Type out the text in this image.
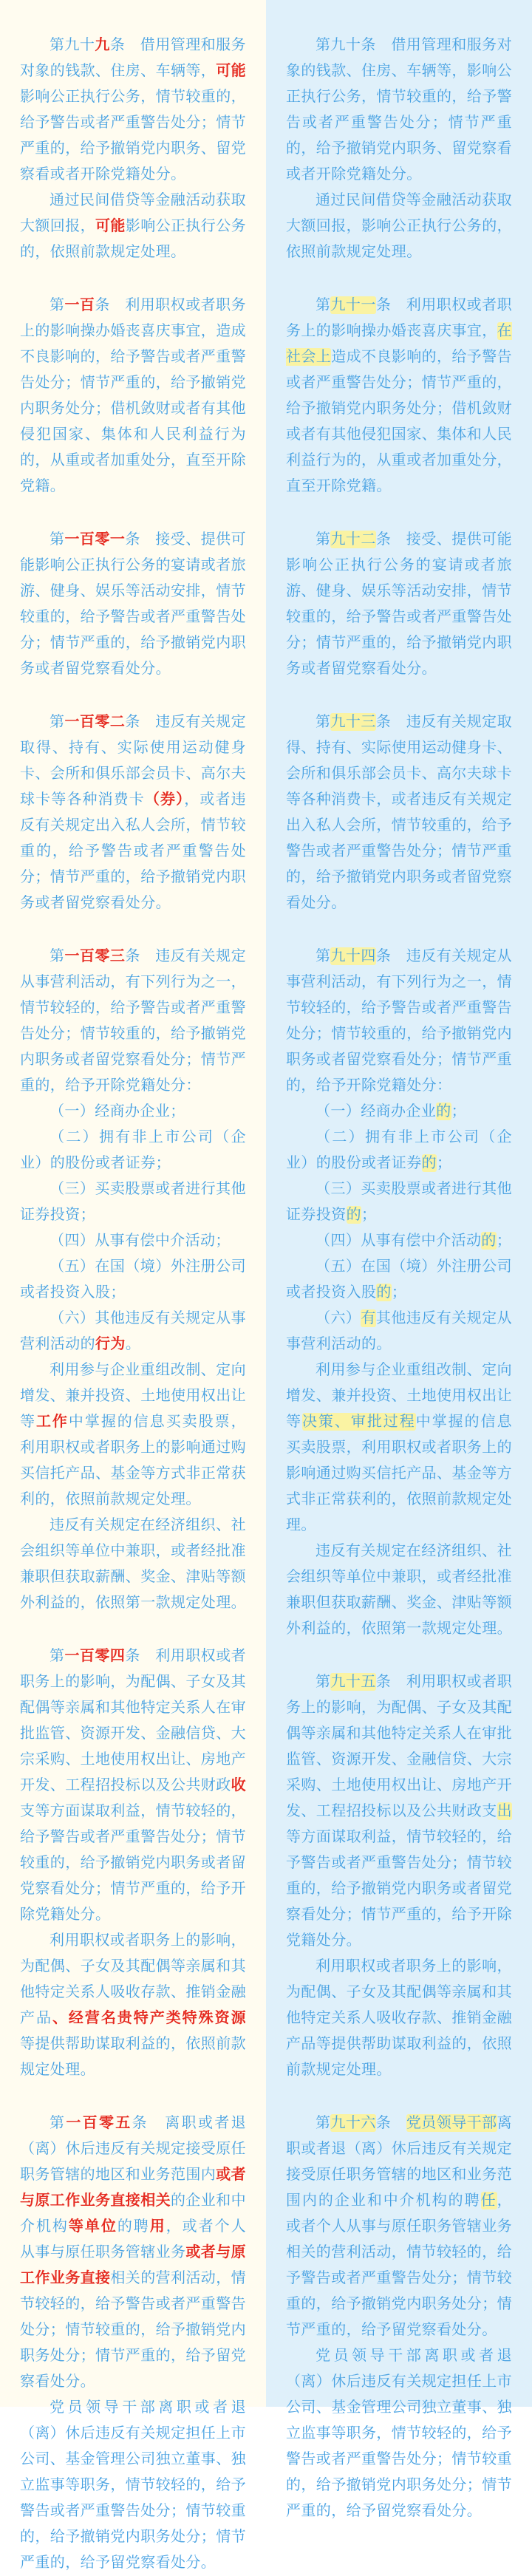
第九十九条　借用管理和服务对象的钱款、住房、车辆等，可能影响公正执行公务，情节较重的，给予警告或者严重警告处分；情节严重的，给予撤销党内职务、留党察看或者开除党籍处分。

通过民间借贷等金融活动获取大额回报，可能影响公正执行公务的，依照前款规定处理。

第一百条　利用职权或者职务上的影响操办婚丧喜庆事宜，造成不良影响的，给予警告或者严重警告处分；情节严重的，给予撤销党内职务处分；借机敛财或者有其他侵犯国家、集体和人民利益行为的，从重或者加重处分，直至开除党籍。

第一百零一条　接受、提供可能影响公正执行公务的宴请或者旅游、健身、娱乐等活动安排，情节较重的，给予警告或者严重警告处分；情节严重的，给予撤销党内职务或者留党察看处分。

第一百零二条　违反有关规定取得、持有、实际使用运动健身卡、会所和俱乐部会员卡、高尔夫球卡等各种消费卡（券），或者违反有关规定出入私人会所，情节较重的，给予警告或者严重警告处分；情节严重的，给予撤销党内职务或者留党察看处分。

第一百零三条　违反有关规定从事营利活动，有下列行为之一，情节较轻的，给予警告或者严重警告处分；情节较重的，给予撤销党内职务或者留党察看处分；情节严重的，给予开除党籍处分：

（一）经商办企业；

（二）拥有非上市公司（企业）的股份或者证券；

（三）买卖股票或者进行其他证券投资；

（四）从事有偿中介活动；

（五）在国（境）外注册公司或者投资入股；

（六）其他违反有关规定从事营利活动的行为。

利用参与企业重组改制、定向增发、兼并投资、土地使用权出让等工作中掌握的信息买卖股票，利用职权或者职务上的影响通过购买信托产品、基金等方式非正常获利的，依照前款规定处理。

违反有关规定在经济组织、社会组织等单位中兼职，或者经批准兼职但获取薪酬、奖金、津贴等额外利益的，依照第一款规定处理。

第一百零四条　利用职权或者职务上的影响，为配偶、子女及其配偶等亲属和其他特定关系人在审批监管、资源开发、金融信贷、大宗采购、土地使用权出让、房地产开发、工程招投标以及公共财政收支等方面谋取利益，情节较轻的，给予警告或者严重警告处分；情节较重的，给予撤销党内职务或者留党察看处分；情节严重的，给予开除党籍处分。

利用职权或者职务上的影响，为配偶、子女及其配偶等亲属和其他特定关系人吸收存款、推销金融产品、经营名贵特产类特殊资源等提供帮助谋取利益的，依照前款规定处理。

第一百零五条　离职或者退（离）休后违反有关规定接受原任职务管辖的地区和业务范围内或者与原工作业务直接相关的企业和中介机构等单位的聘用，或者个人从事与原任职务管辖业务或者与原工作业务直接相关的营利活动，情节较轻的，给予警告或者严重警告处分；情节较重的，给予撤销党内职务处分；情节严重的，给予留党察看处分。

党员领导干部离职或者退（离）休后违反有关规定担任上市公司、基金管理公司独立董事、独立监事等职务，情节较轻的，给予警告或者严重警告处分；情节较重的，给予撤销党内职务处分；情节严重的，给予留党察看处分。

第九十条　借用管理和服务对象的钱款、住房、车辆等，影响公正执行公务，情节较重的，给予警告或者严重警告处分；情节严重的，给予撤销党内职务、留党察看或者开除党籍处分。

通过民间借贷等金融活动获取大额回报，影响公正执行公务的，依照前款规定处理。

第九十一条　利用职权或者职务上的影响操办婚丧喜庆事宜，在社会上造成不良影响的，给予警告或者严重警告处分；情节严重的，给予撤销党内职务处分；借机敛财或者有其他侵犯国家、集体和人民利益行为的，从重或者加重处分，直至开除党籍。

第九十二条　接受、提供可能影响公正执行公务的宴请或者旅游、健身、娱乐等活动安排，情节较重的，给予警告或者严重警告处分；情节严重的，给予撤销党内职务或者留党察看处分。

第九十三条　违反有关规定取得、持有、实际使用运动健身卡、会所和俱乐部会员卡、高尔夫球卡等各种消费卡，或者违反有关规定出入私人会所，情节较重的，给予警告或者严重警告处分；情节严重的，给予撤销党内职务或者留党察看处分。

第九十四条　违反有关规定从事营利活动，有下列行为之一，情节较轻的，给予警告或者严重警告处分；情节较重的，给予撤销党内职务或者留党察看处分；情节严重的，给予开除党籍处分：

（一）经商办企业的；

（二）拥有非上市公司（企业）的股份或者证券的；

（三）买卖股票或者进行其他证券投资的；

（四）从事有偿中介活动的；

（五）在国（境）外注册公司或者投资入股的；

（六）有其他违反有关规定从事营利活动的。

利用参与企业重组改制、定向增发、兼并投资、土地使用权出让等决策、审批过程中掌握的信息买卖股票，利用职权或者职务上的影响通过购买信托产品、基金等方式非正常获利的，依照前款规定处理。

违反有关规定在经济组织、社会组织等单位中兼职，或者经批准兼职但获取薪酬、奖金、津贴等额外利益的，依照第一款规定处理。

第九十五条　利用职权或者职务上的影响，为配偶、子女及其配偶等亲属和其他特定关系人在审批监管、资源开发、金融信贷、大宗采购、土地使用权出让、房地产开发、工程招投标以及公共财政支出等方面谋取利益，情节较轻的，给予警告或者严重警告处分；情节较重的，给予撤销党内职务或者留党察看处分；情节严重的，给予开除党籍处分。

利用职权或者职务上的影响，为配偶、子女及其配偶等亲属和其他特定关系人吸收存款、推销金融产品等提供帮助谋取利益的，依照前款规定处理。

第九十六条　党员领导干部离职或者退（离）休后违反有关规定接受原任职务管辖的地区和业务范围内的企业和中介机构的聘任，或者个人从事与原任职务管辖业务相关的营利活动，情节较轻的，给予警告或者严重警告处分；情节较重的，给予撤销党内职务处分；情节严重的，给予留党察看处分。

党员领导干部离职或者退（离）休后违反有关规定担任上市公司、基金管理公司独立董事、独立监事等职务，情节较轻的，给予警告或者严重警告处分；情节较重的，给予撤销党内职务处分；情节严重的，给予留党察看处分。
